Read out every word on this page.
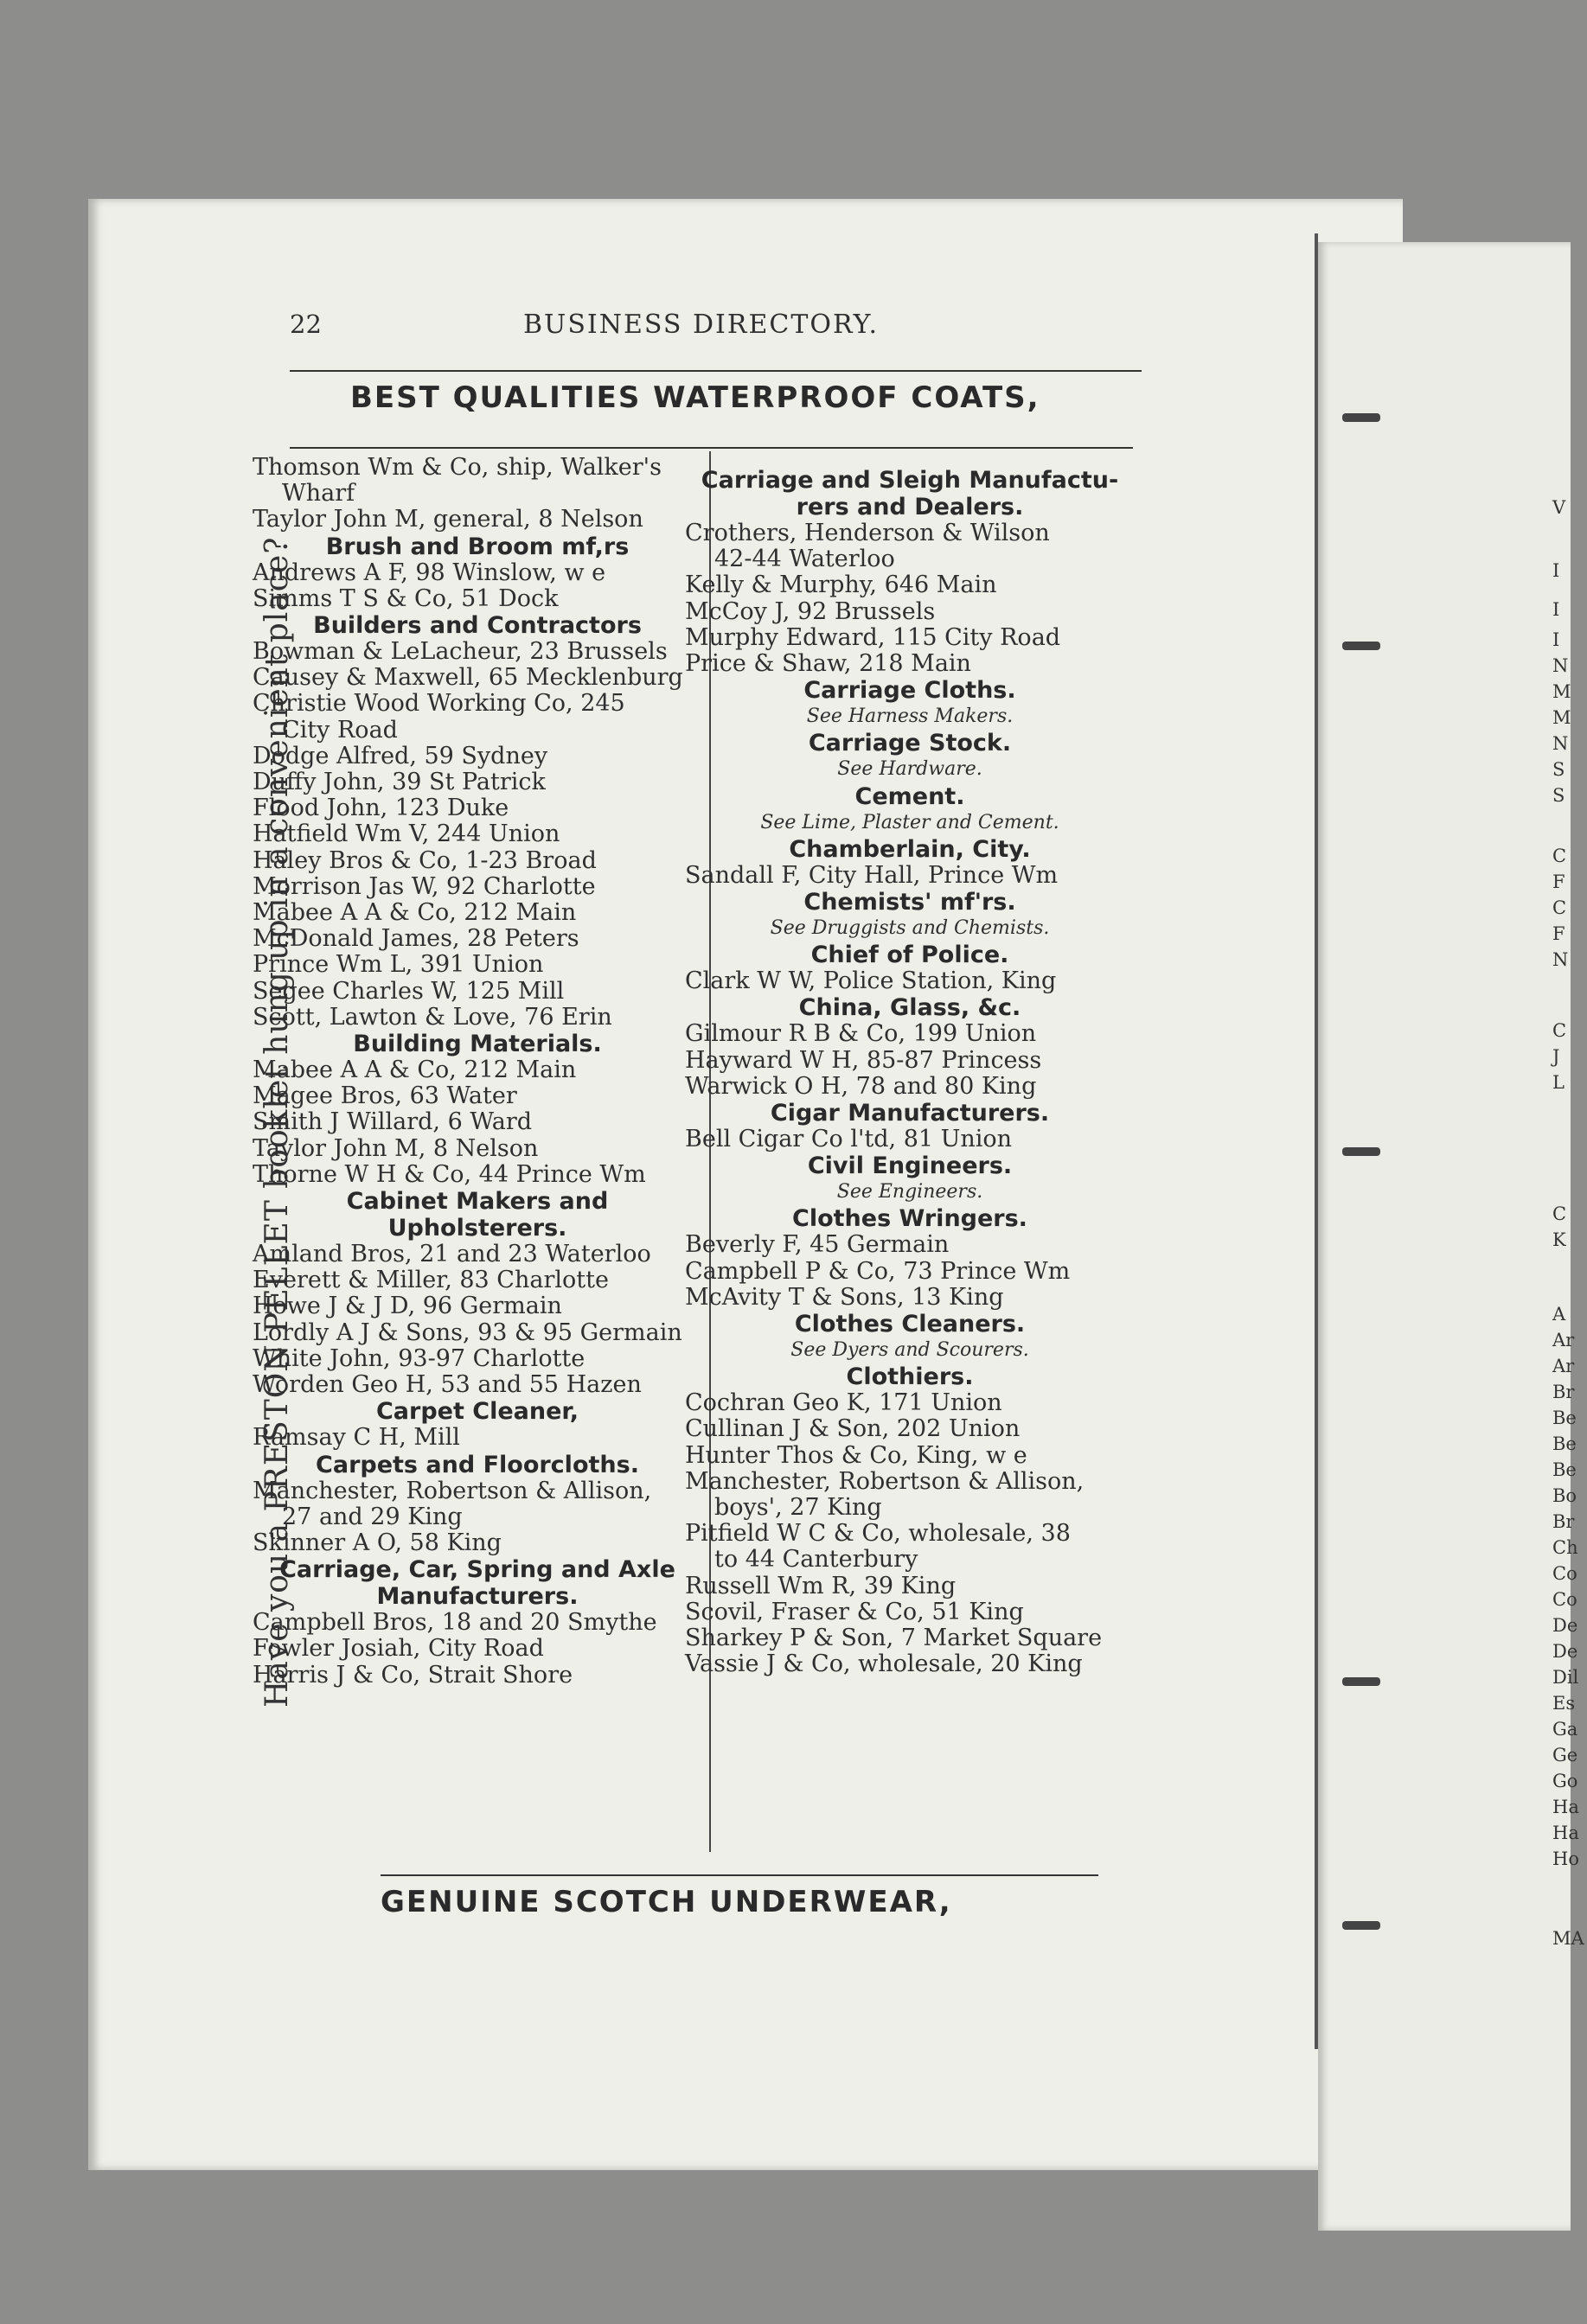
V
I
I
I
N
M
M
N
S
S
C
F
C
F
N
C
J
L
C
K
A
Ar
Ar
Br
Be
Be
Be
Bo
Br
Ch
Co
Co
De
De
Dil
Es
Ga
Ge
Go
Ha
Ha
Ho
MA
22	BUSINESS DIRECTORY.
BEST QUALITIES WATERPROOF COATS,
Have you a PRESTON PELLET booklet hung up in a convenient place?
Thomson Wm & Co, ship, Walker's
Wharf
Taylor John M, general, 8 Nelson
Brush and Broom mf,rs
Andrews A F, 98 Winslow, w e
Simms T S & Co, 51 Dock
Builders and Contractors
Bowman & LeLacheur, 23 Brussels
Causey & Maxwell, 65 Mecklenburg
Christie Wood Working Co, 245
City Road
Dodge Alfred, 59 Sydney
Duffy John, 39 St Patrick
Flood John, 123 Duke
Hatfield Wm V, 244 Union
Haley Bros & Co, 1-23 Broad
Morrison Jas W, 92 Charlotte
Mabee A A & Co, 212 Main
McDonald James, 28 Peters
Prince Wm L, 391 Union
Segee Charles W, 125 Mill
Scott, Lawton & Love, 76 Erin
Building Materials.
Mabee A A & Co, 212 Main
Magee Bros, 63 Water
Smith J Willard, 6 Ward
Taylor John M, 8 Nelson
Thorne W H & Co, 44 Prince Wm
Cabinet Makers and
Upholsterers.
Amland Bros, 21 and 23 Waterloo
Everett & Miller, 83 Charlotte
Howe J & J D, 96 Germain
Lordly A J & Sons, 93 & 95 Germain
White John, 93-97 Charlotte
Worden Geo H, 53 and 55 Hazen
Carpet Cleaner,
Ramsay C H, Mill
Carpets and Floorcloths.
Manchester, Robertson & Allison,
27 and 29 King
Skinner A O, 58 King
Carriage, Car, Spring and Axle
Manufacturers.
Campbell Bros, 18 and 20 Smythe
Fowler Josiah, City Road
Harris J & Co, Strait Shore
Carriage and Sleigh Manufactu-
rers and Dealers.
Crothers, Henderson & Wilson
42-44 Waterloo
Kelly & Murphy, 646 Main
McCoy J, 92 Brussels
Murphy Edward, 115 City Road
Price & Shaw, 218 Main
Carriage Cloths.
See Harness Makers.
Carriage Stock.
See Hardware.
Cement.
See Lime, Plaster and Cement.
Chamberlain, City.
Sandall F, City Hall, Prince Wm
Chemists' mf'rs.
See Druggists and Chemists.
Chief of Police.
Clark W W, Police Station, King
China, Glass, &c.
Gilmour R B & Co, 199 Union
Hayward W H, 85-87 Princess
Warwick O H, 78 and 80 King
Cigar Manufacturers.
Bell Cigar Co l'td, 81 Union
Civil Engineers.
See Engineers.
Clothes Wringers.
Beverly F, 45 Germain
Campbell P & Co, 73 Prince Wm
McAvity T & Sons, 13 King
Clothes Cleaners.
See Dyers and Scourers.
Clothiers.
Cochran Geo K, 171 Union
Cullinan J & Son, 202 Union
Hunter Thos & Co, King, w e
Manchester, Robertson & Allison,
boys', 27 King
Pitfield W C & Co, wholesale, 38
to 44 Canterbury
Russell Wm R, 39 King
Scovil, Fraser & Co, 51 King
Sharkey P & Son, 7 Market Square
Vassie J & Co, wholesale, 20 King
GENUINE SCOTCH UNDERWEAR,
